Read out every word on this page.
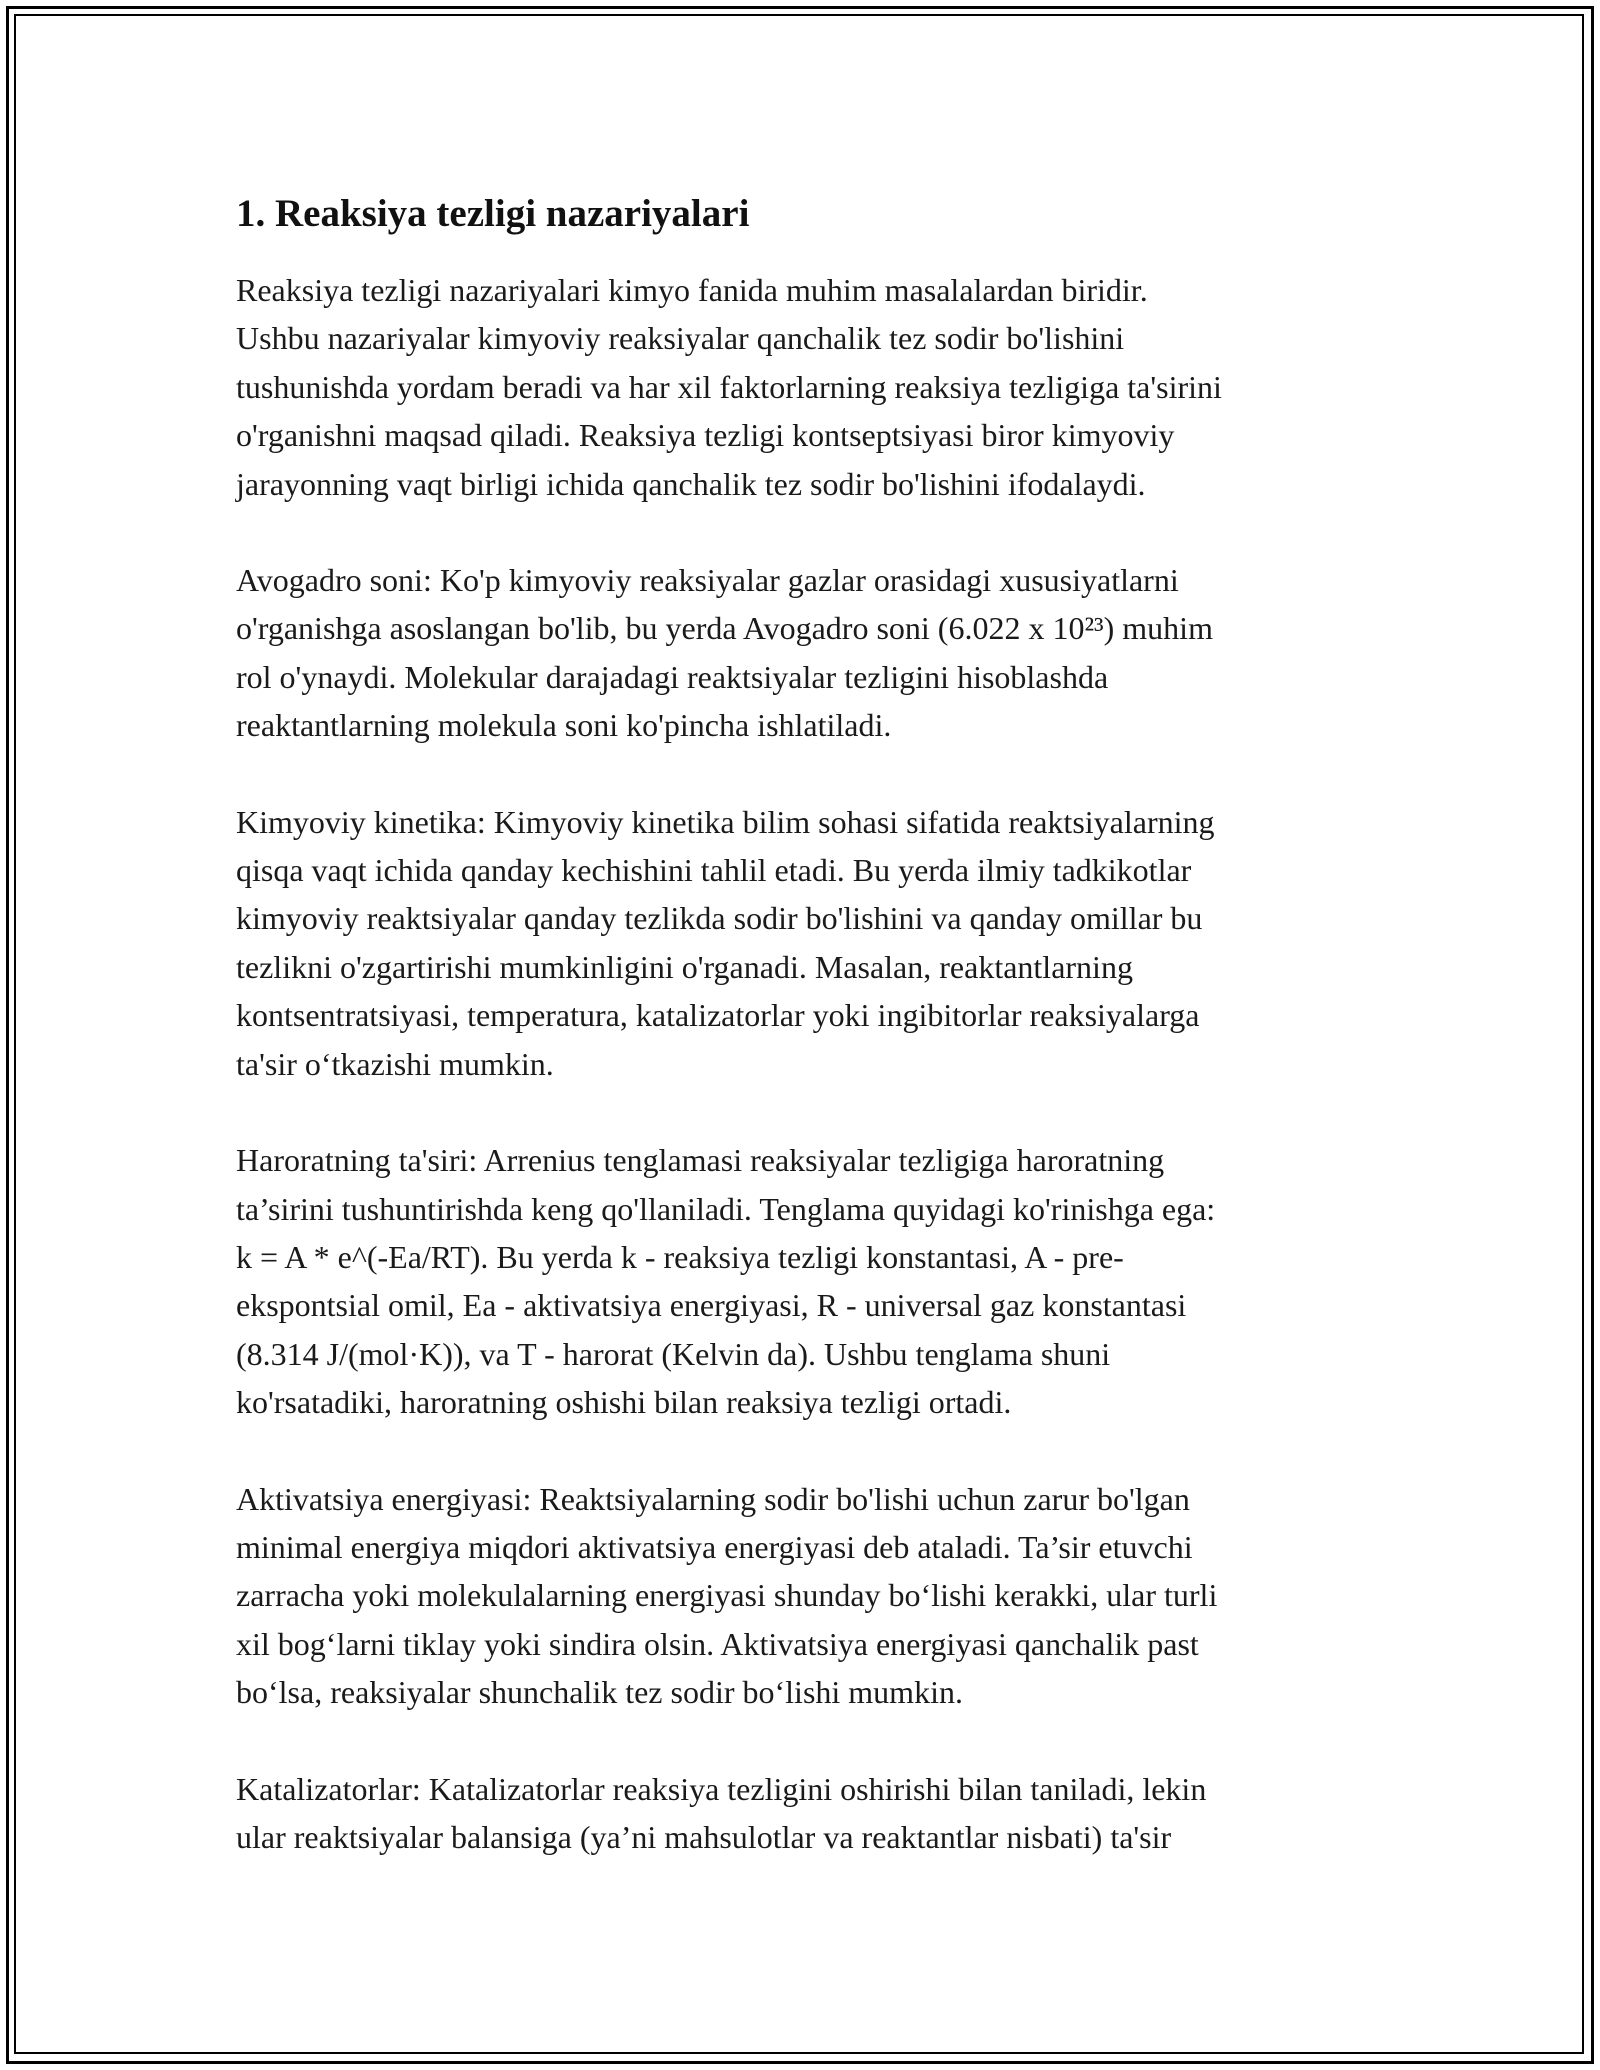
1. Reaksiya tezligi nazariyalari

Reaksiya tezligi nazariyalari kimyo fanida muhim masalalardan biridir.
Ushbu nazariyalar kimyoviy reaksiyalar qanchalik tez sodir bo'lishini
tushunishda yordam beradi va har xil faktorlarning reaksiya tezligiga ta'sirini
o'rganishni maqsad qiladi. Reaksiya tezligi kontseptsiyasi biror kimyoviy
jarayonning vaqt birligi ichida qanchalik tez sodir bo'lishini ifodalaydi.

Avogadro soni: Ko'p kimyoviy reaksiyalar gazlar orasidagi xususiyatlarni
o'rganishga asoslangan bo'lib, bu yerda Avogadro soni (6.022 x 10²³) muhim
rol o'ynaydi. Molekular darajadagi reaktsiyalar tezligini hisoblashda
reaktantlarning molekula soni ko'pincha ishlatiladi.

Kimyoviy kinetika: Kimyoviy kinetika bilim sohasi sifatida reaktsiyalarning
qisqa vaqt ichida qanday kechishini tahlil etadi. Bu yerda ilmiy tadkikotlar
kimyoviy reaktsiyalar qanday tezlikda sodir bo'lishini va qanday omillar bu
tezlikni o'zgartirishi mumkinligini o'rganadi. Masalan, reaktantlarning
kontsentratsiyasi, temperatura, katalizatorlar yoki ingibitorlar reaksiyalarga
ta'sir o‘tkazishi mumkin.

Haroratning ta'siri: Arrenius tenglamasi reaksiyalar tezligiga haroratning
ta’sirini tushuntirishda keng qo'llaniladi. Tenglama quyidagi ko'rinishga ega:
k = A * e^(-Ea/RT). Bu yerda k - reaksiya tezligi konstantasi, A - pre-
ekspontsial omil, Ea - aktivatsiya energiyasi, R - universal gaz konstantasi
(8.314 J/(mol·K)), va T - harorat (Kelvin da). Ushbu tenglama shuni
ko'rsatadiki, haroratning oshishi bilan reaksiya tezligi ortadi.

Aktivatsiya energiyasi: Reaktsiyalarning sodir bo'lishi uchun zarur bo'lgan
minimal energiya miqdori aktivatsiya energiyasi deb ataladi. Ta’sir etuvchi
zarracha yoki molekulalarning energiyasi shunday bo‘lishi kerakki, ular turli
xil bog‘larni tiklay yoki sindira olsin. Aktivatsiya energiyasi qanchalik past
bo‘lsa, reaksiyalar shunchalik tez sodir bo‘lishi mumkin.

Katalizatorlar: Katalizatorlar reaksiya tezligini oshirishi bilan taniladi, lekin
ular reaktsiyalar balansiga (ya’ni mahsulotlar va reaktantlar nisbati) ta'sir
